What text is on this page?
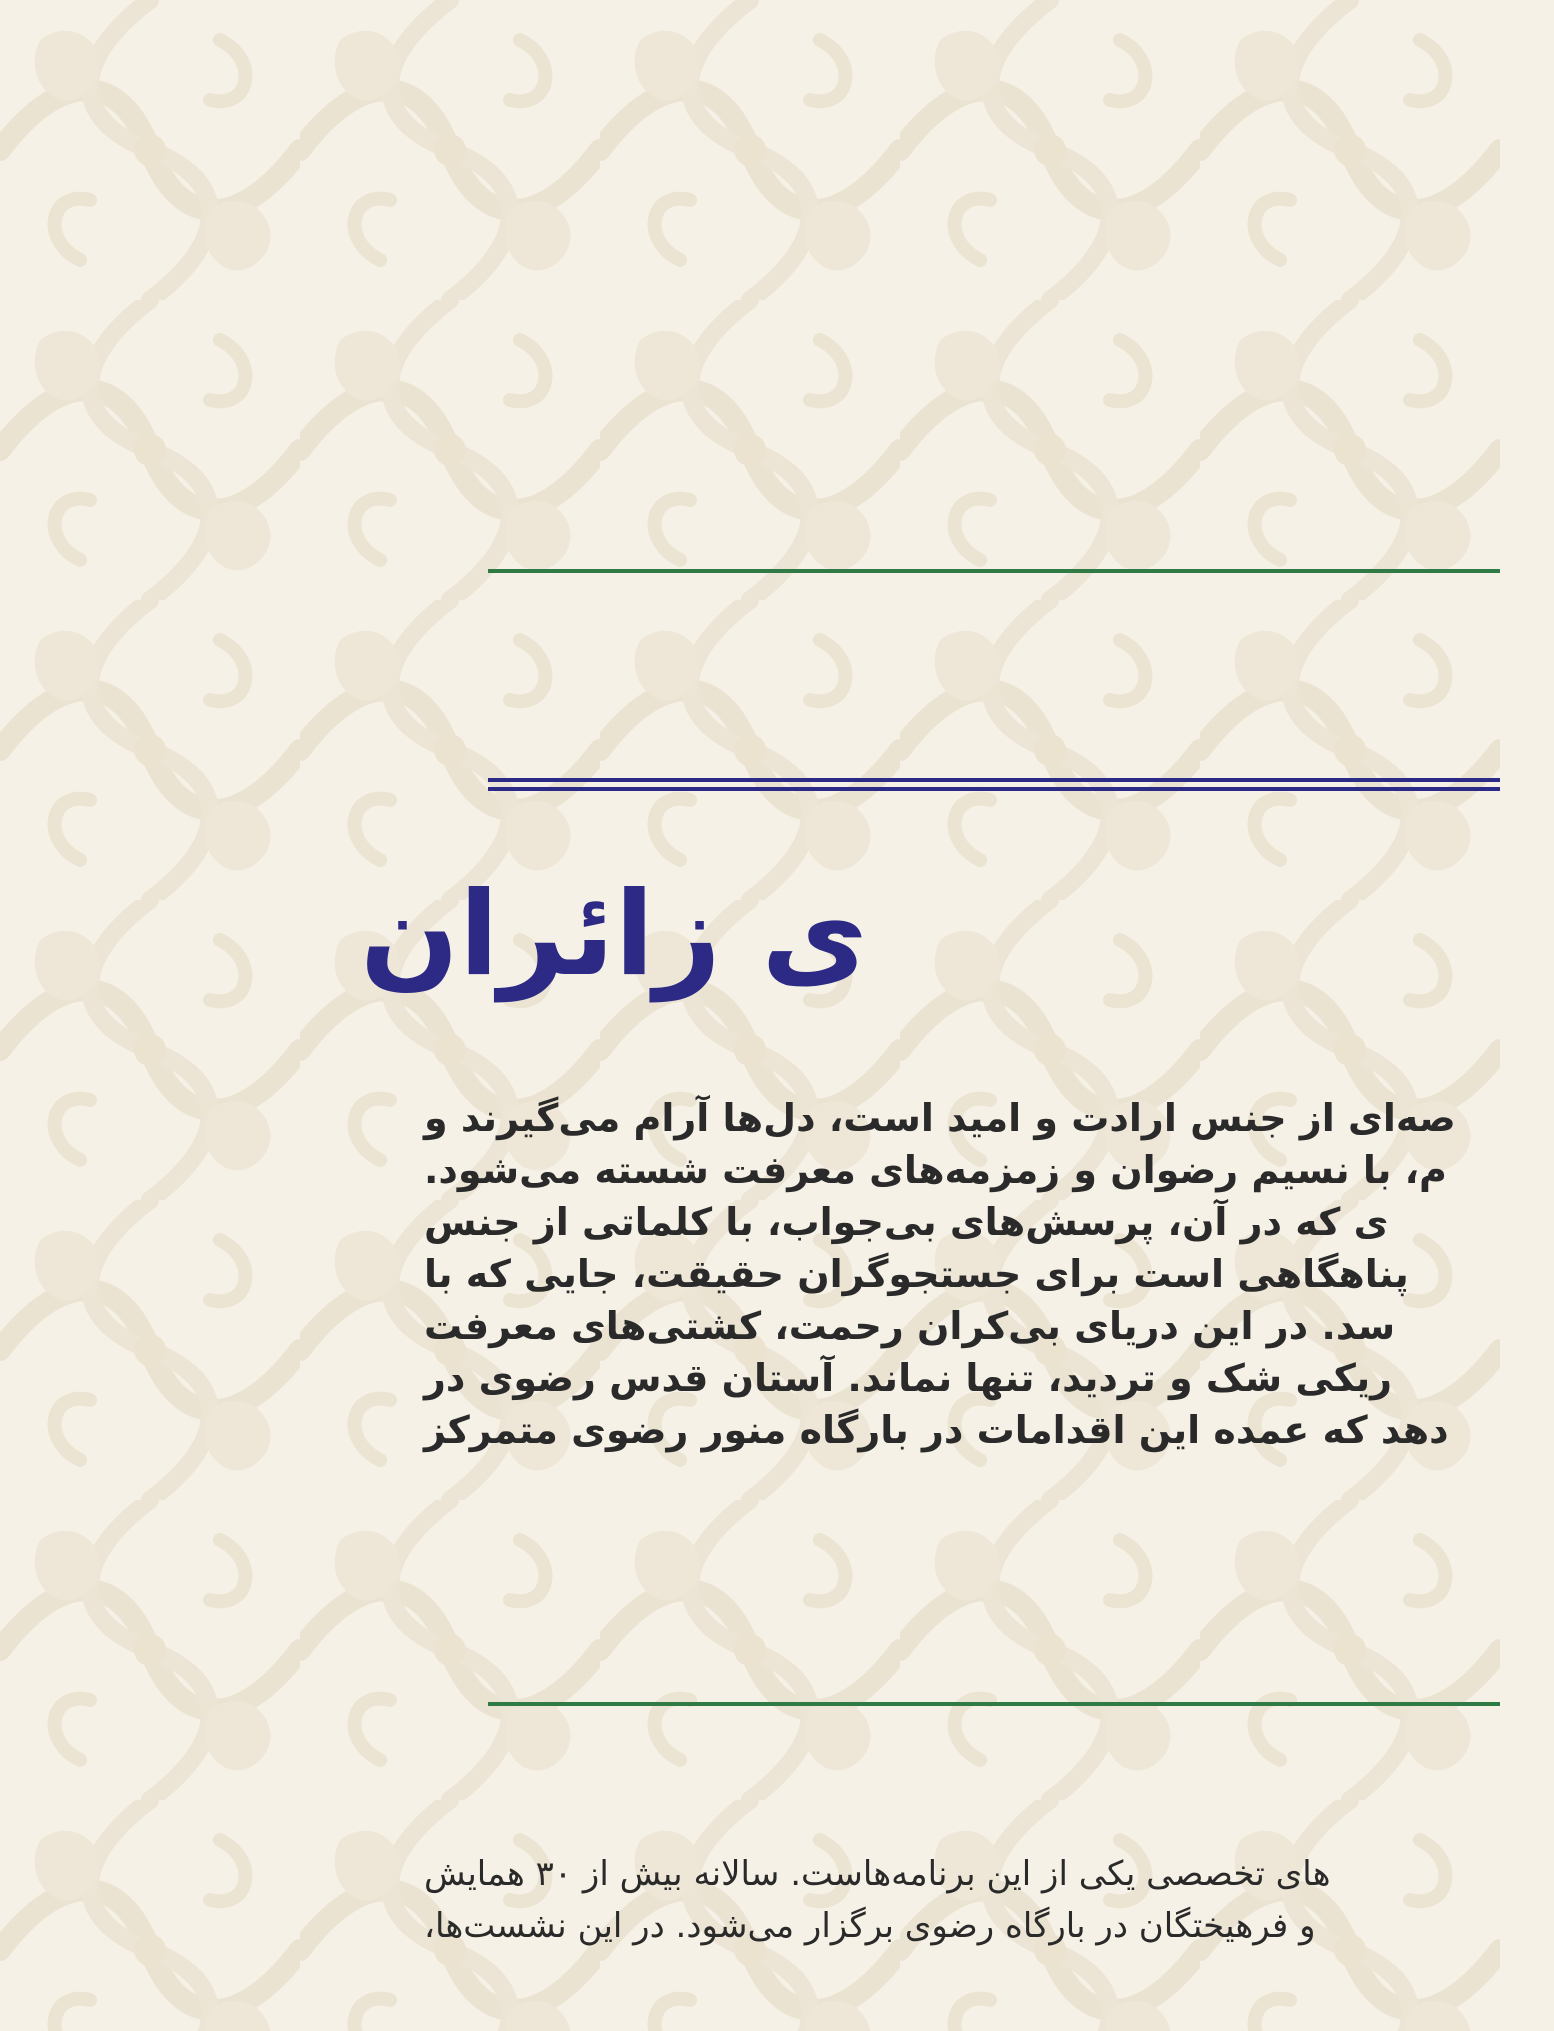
ی زائران
صه‌ای از جنس ارادت و امید است، دل‌ها آرام می‌گیرند و
م، با نسیم رضوان و زمزمه‌های معرفت شسته می‌شود.
ی که در آن، پرسش‌های بی‌جواب، با کلماتی از جنس
پناهگاهی است برای جستجوگران حقیقت، جایی که با
سد. در این دریای بی‌کران رحمت، کشتی‌های معرفت
ریکی شک و تردید، تنها نماند. آستان قدس رضوی در
دهد که عمده این اقدامات در بارگاه منور رضوی متمرکز
های تخصصی یکی از این برنامه‌هاست. سالانه بیش از ۳۰ همایش
و فرهیختگان در بارگاه رضوی برگزار می‌شود. در این نشست‌ها،
